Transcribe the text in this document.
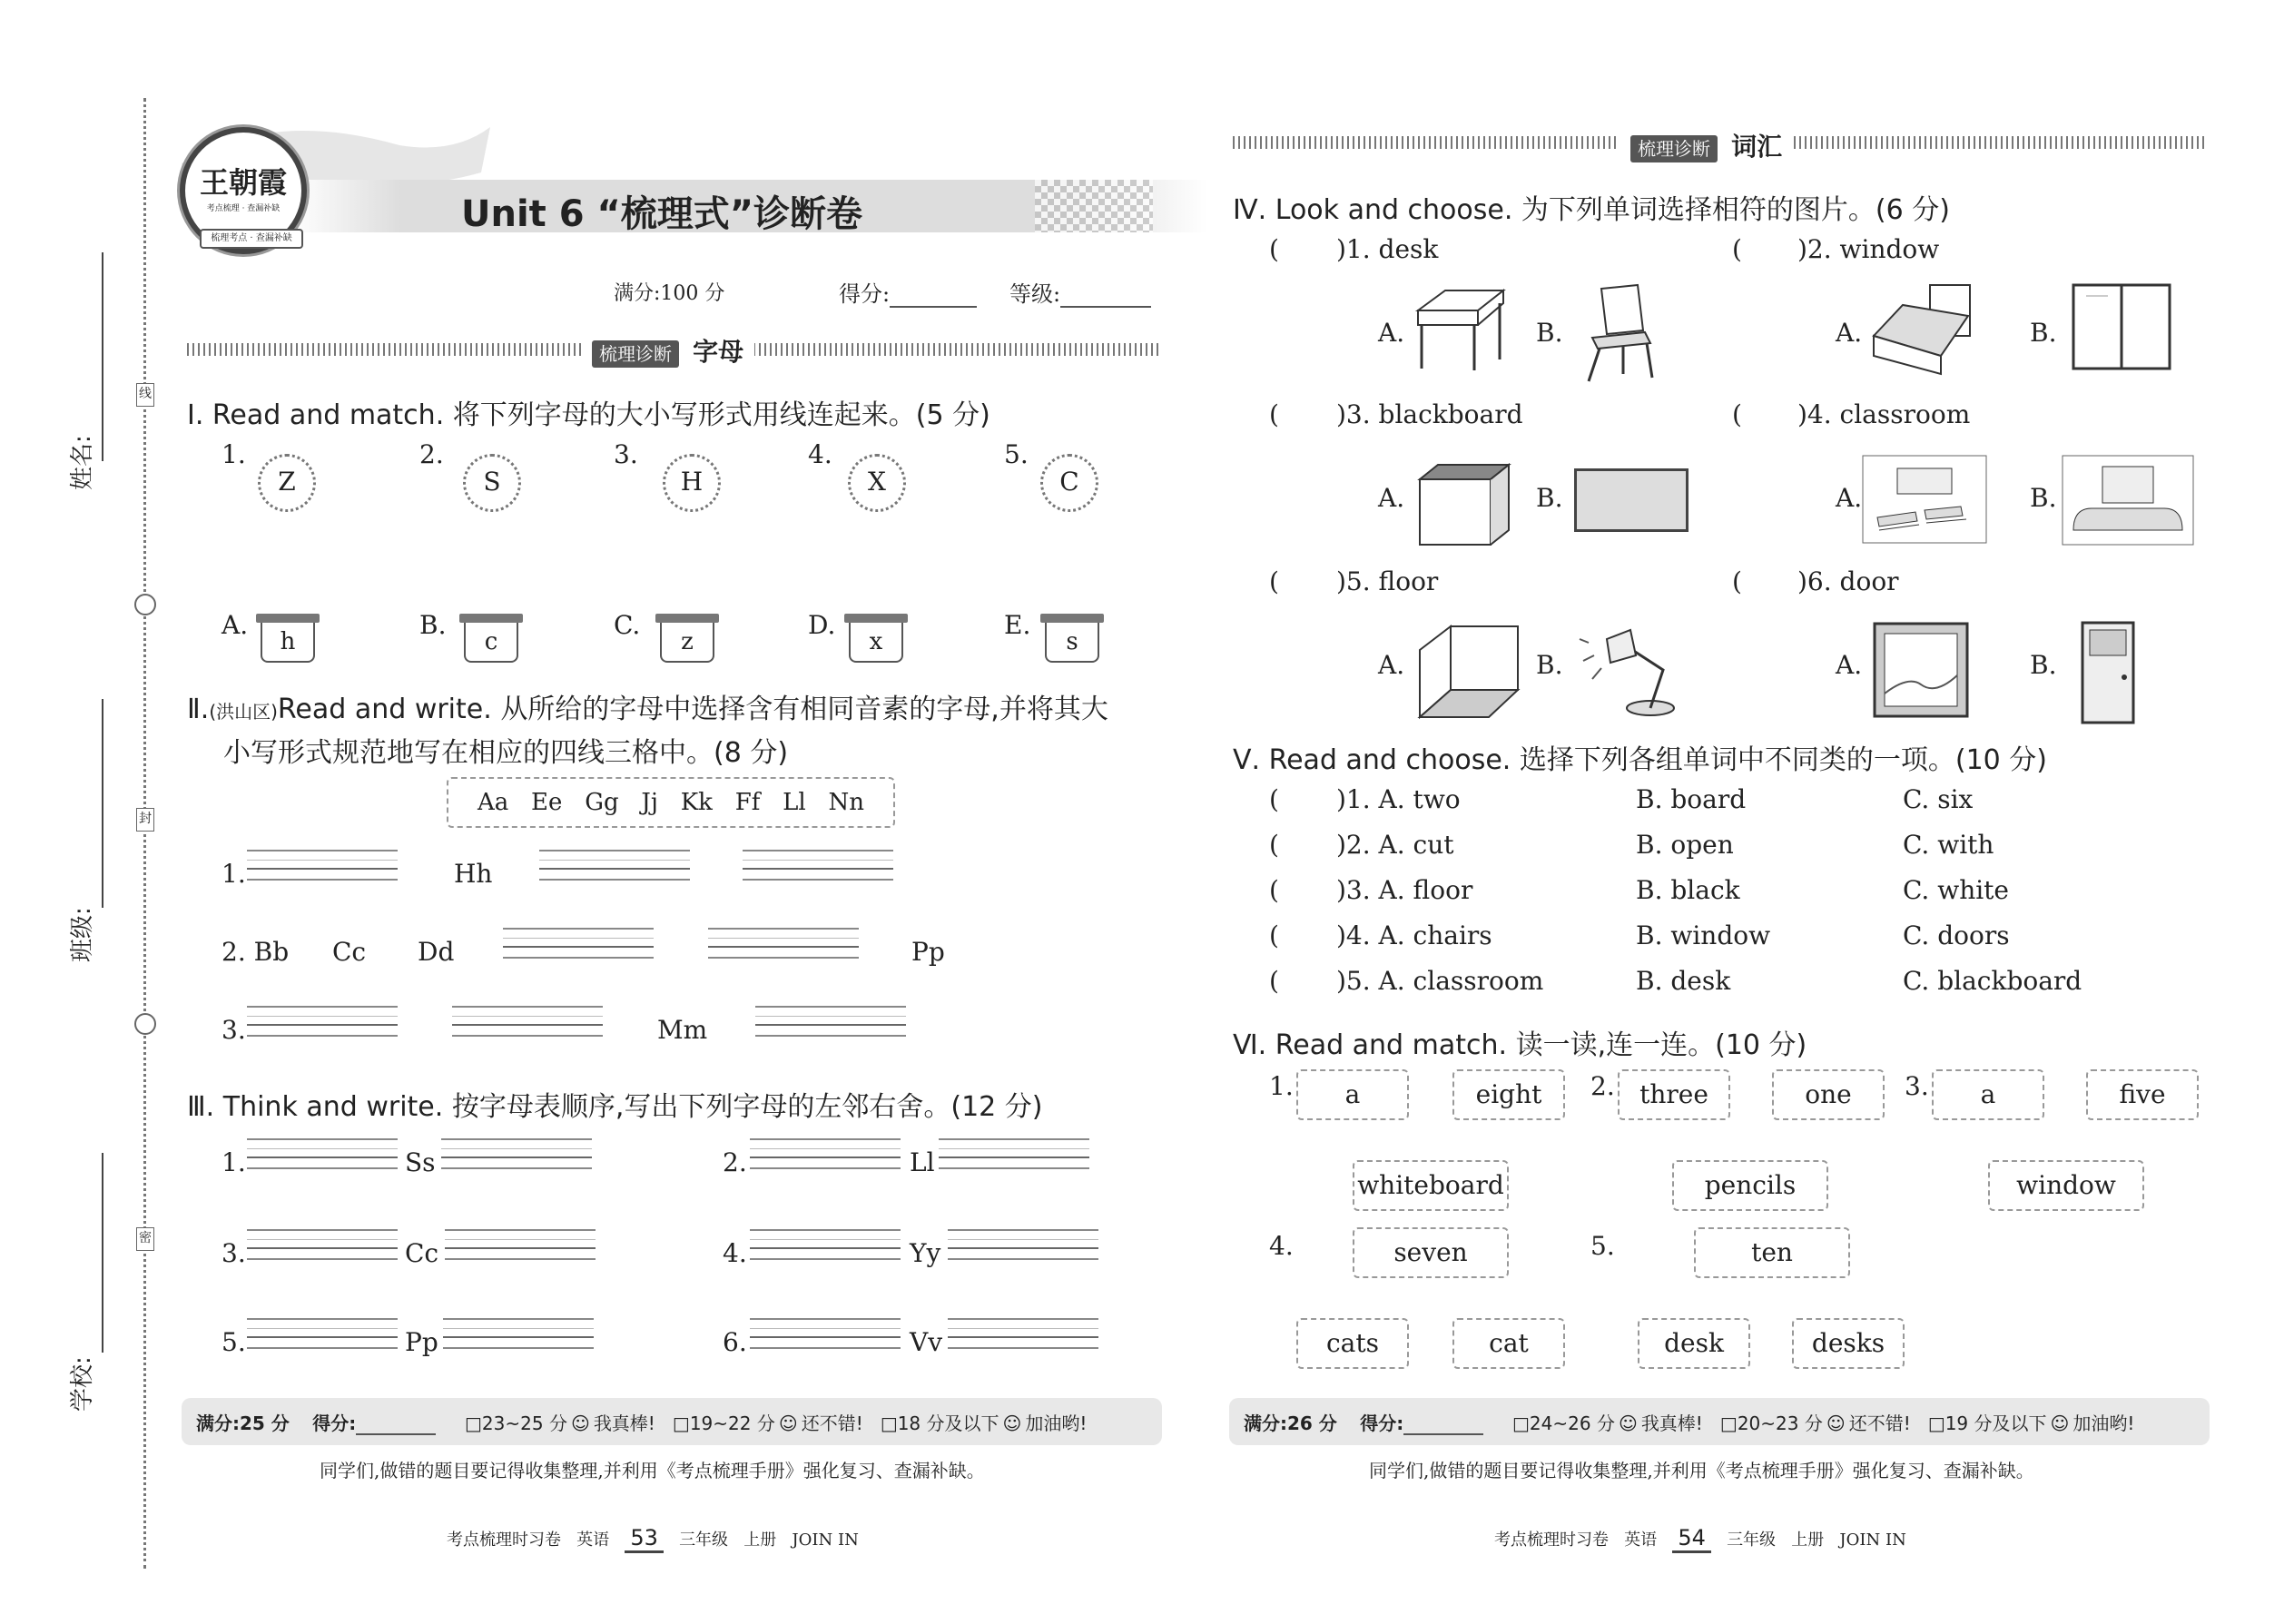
姓名:
班级:
学校:
线
封
密
王朝霞
考点梳理 · 查漏补缺
梳理考点 · 查漏补缺
Unit 6 “梳理式”诊断卷
满分:100 分	得分:	等级:
梳理诊断 字母
Ⅰ. Read and match. 将下列字母的大小写形式用线连起来。(5 分)
1.
Z
2.
S
3.
H
4.
X
5.
C
A.
h
B.
c
C.
z
D.
x
E.
s
Ⅱ.(洪山区)Read and write. 从所给的字母中选择含有相同音素的字母,并将其大
小写形式规范地写在相应的四线三格中。(8 分)
Aa Ee Gg Jj Kk Ff Ll Nn
1.	Hh
2. Bb Cc Dd	Pp
3.	Mm
Ⅲ. Think and write. 按字母表顺序,写出下列字母的左邻右舍。(12 分)
1.	Ss	2.	Ll
3.	Cc	4.	Yy
5.	Pp	6.	Vv
满分:25 分 得分:	□23~25 分 ☺ 我真棒! □19~22 分 ☺ 还不错! □18 分及以下 ☺ 加油哟!
同学们,做错的题目要记得收集整理,并利用《考点梳理手册》强化复习、查漏补缺。
考点梳理时习卷 英语 53 三年级 上册 JOIN IN
梳理诊断 词汇
Ⅳ. Look and choose. 为下列单词选择相符的图片。(6 分)
( )1. desk	( )2. window
A.	B.	A.	B.
( )3. blackboard	( )4. classroom
A.	B.	A.	B.
( )5. floor	( )6. door
A.	B.	A.	B.
Ⅴ. Read and choose. 选择下列各组单词中不同类的一项。(10 分)
( )1. A. two	B. board	C. six
( )2. A. cut	B. open	C. with
( )3. A. floor	B. black	C. white
( )4. A. chairs	B. window	C. doors
( )5. A. classroom	B. desk	C. blackboard
Ⅵ. Read and match. 读一读,连一连。(10 分)
1.	a	eight	2. three	one	3.	a	five
whiteboard	pencils	window
4.	seven	5.	ten
cats	cat	desk	desks
满分:26 分 得分:	□24~26 分 ☺ 我真棒! □20~23 分 ☺ 还不错! □19 分及以下 ☺ 加油哟!
同学们,做错的题目要记得收集整理,并利用《考点梳理手册》强化复习、查漏补缺。
考点梳理时习卷 英语 54 三年级 上册 JOIN IN
